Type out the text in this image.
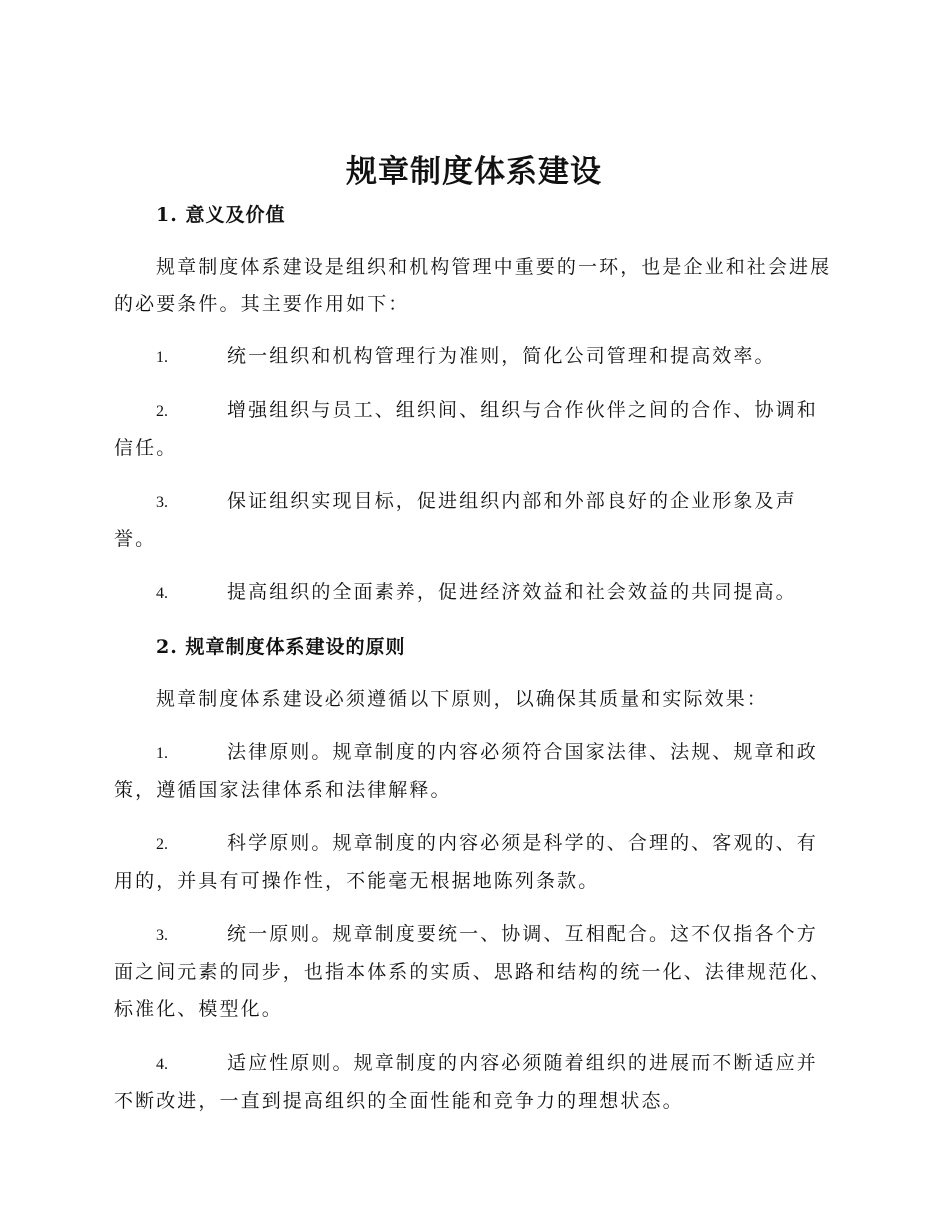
规章制度体系建设
1. 意义及价值
规章制度体系建设是组织和机构管理中重要的一环，也是企业和社会进展的必要条件。其主要作用如下：
1.	统一组织和机构管理行为准则，简化公司管理和提高效率。
2.	增强组织与员工、组织间、组织与合作伙伴之间的合作、协调和信任。
3.	保证组织实现目标，促进组织内部和外部良好的企业形象及声誉。
4.	提高组织的全面素养，促进经济效益和社会效益的共同提高。
2. 规章制度体系建设的原则
规章制度体系建设必须遵循以下原则，以确保其质量和实际效果：
1.	法律原则。规章制度的内容必须符合国家法律、法规、规章和政策，遵循国家法律体系和法律解释。
2.	科学原则。规章制度的内容必须是科学的、合理的、客观的、有用的，并具有可操作性，不能毫无根据地陈列条款。
3.	统一原则。规章制度要统一、协调、互相配合。这不仅指各个方面之间元素的同步，也指本体系的实质、思路和结构的统一化、法律规范化、标准化、模型化。
4.	适应性原则。规章制度的内容必须随着组织的进展而不断适应并不断改进，一直到提高组织的全面性能和竞争力的理想状态。
